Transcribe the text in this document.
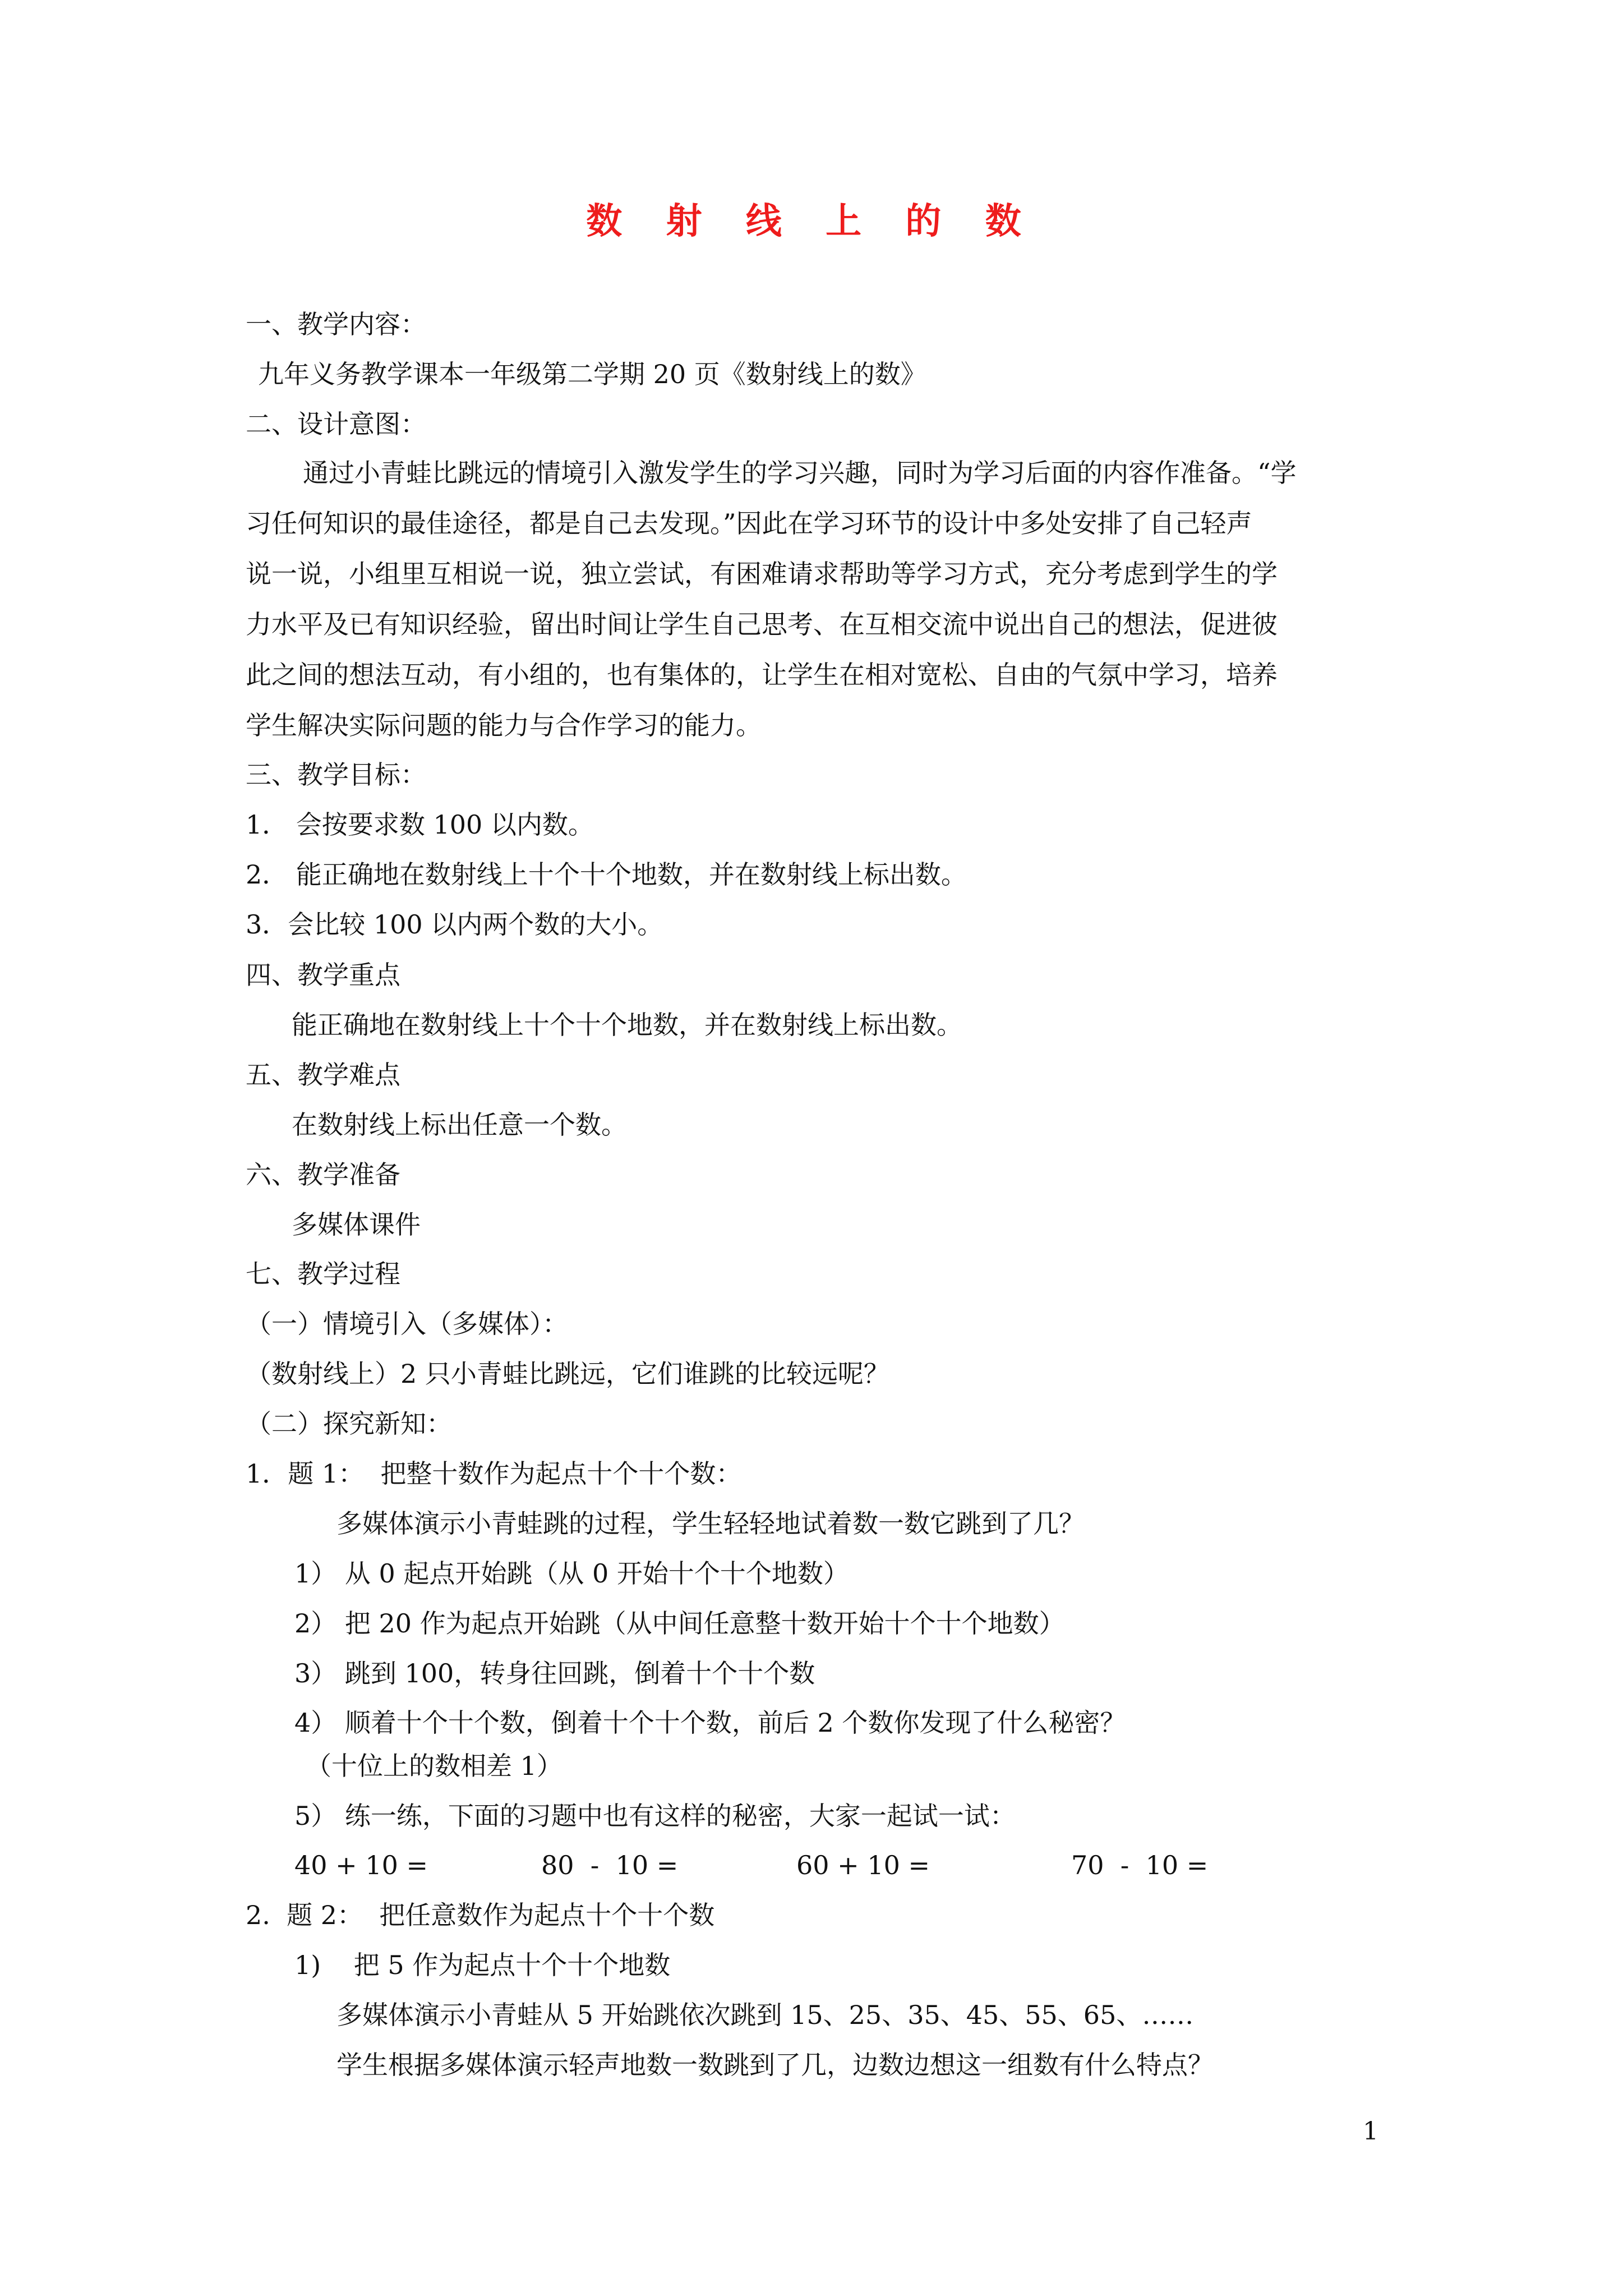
数 射 线 上 的 数
一、教学内容：
九年义务教学课本一年级第二学期 20 页《数射线上的数》
二、设计意图：
通过小青蛙比跳远的情境引入激发学生的学习兴趣，同时为学习后面的内容作准备。“学
习任何知识的最佳途径，都是自己去发现。”因此在学习环节的设计中多处安排了自己轻声
说一说，小组里互相说一说，独立尝试，有困难请求帮助等学习方式，充分考虑到学生的学
力水平及已有知识经验，留出时间让学生自己思考、在互相交流中说出自己的想法，促进彼
此之间的想法互动，有小组的，也有集体的，让学生在相对宽松、自由的气氛中学习，培养
学生解决实际问题的能力与合作学习的能力。
三、教学目标：
1． 会按要求数 100 以内数。
2． 能正确地在数射线上十个十个地数，并在数射线上标出数。
3．会比较 100 以内两个数的大小。
四、教学重点
能正确地在数射线上十个十个地数，并在数射线上标出数。
五、教学难点
在数射线上标出任意一个数。
六、教学准备
多媒体课件
七、教学过程
（一）情境引入（多媒体）：
（数射线上）2 只小青蛙比跳远，它们谁跳的比较远呢？
（二）探究新知：
1．题 1：  把整十数作为起点十个十个数：
多媒体演示小青蛙跳的过程，学生轻轻地试着数一数它跳到了几？
1） 从 0 起点开始跳（从 0 开始十个十个地数）
2） 把 20 作为起点开始跳（从中间任意整十数开始十个十个地数）
3） 跳到 100，转身往回跳，倒着十个十个数
4） 顺着十个十个数，倒着十个十个数，前后 2 个数你发现了什么秘密？
（十位上的数相差 1）
5） 练一练，下面的习题中也有这样的秘密，大家一起试一试：
40 + 10 =	80  -  10 =	60 + 10 =	70  -  10 =
2.  题 2：  把任意数作为起点十个十个数
1)    把 5 作为起点十个十个地数
多媒体演示小青蛙从 5 开始跳依次跳到 15、25、35、45、55、65、……
学生根据多媒体演示轻声地数一数跳到了几，边数边想这一组数有什么特点？
1
